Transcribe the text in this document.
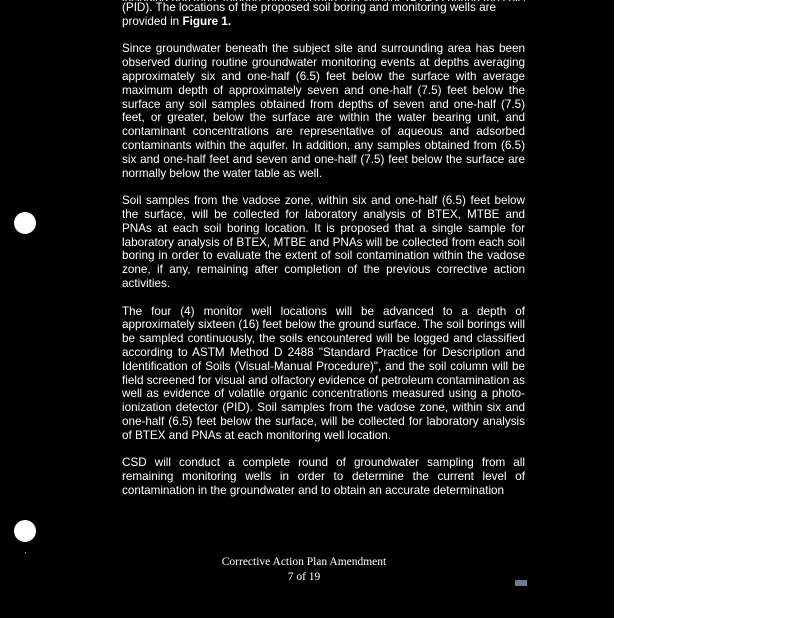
(PID). The locations of the proposed soil boring and monitoring wells are
provided in Figure 1.

Since groundwater beneath the subject site and surrounding area has been observed during routine groundwater monitoring events at depths averaging approximately six and one-half (6.5) feet below the surface with average maximum depth of approximately seven and one-half (7.5) feet below the surface any soil samples obtained from depths of seven and one-half (7.5) feet, or greater, below the surface are within the water bearing unit, and contaminant concentrations are representative of aqueous and adsorbed contaminants within the aquifer. In addition, any samples obtained from (6.5) six and one-half feet and seven and one-half (7.5) feet below the surface are normally below the water table as well.

Soil samples from the vadose zone, within six and one-half (6.5) feet below the surface, will be collected for laboratory analysis of BTEX, MTBE and PNAs at each soil boring location. It is proposed that a single sample for laboratory analysis of BTEX, MTBE and PNAs will be collected from each soil boring in order to evaluate the extent of soil contamination within the vadose zone, if any, remaining after completion of the previous corrective action activities.

The four (4) monitor well locations will be advanced to a depth of approximately sixteen (16) feet below the ground surface. The soil borings will be sampled continuously, the soils encountered will be logged and classified according to ASTM Method D 2488 "Standard Practice for Description and Identification of Soils (Visual-Manual Procedure)", and the soil column will be field screened for visual and olfactory evidence of petroleum contamination as well as evidence of volatile organic concentrations measured using a photo-ionization detector (PID). Soil samples from the vadose zone, within six and one-half (6.5) feet below the surface, will be collected for laboratory analysis of BTEX and PNAs at each monitoring well location.

CSD will conduct a complete round of groundwater sampling from all remaining monitoring wells in order to determine the current level of contamination in the groundwater and to obtain an accurate determination

Corrective Action Plan Amendment
7 of 19
